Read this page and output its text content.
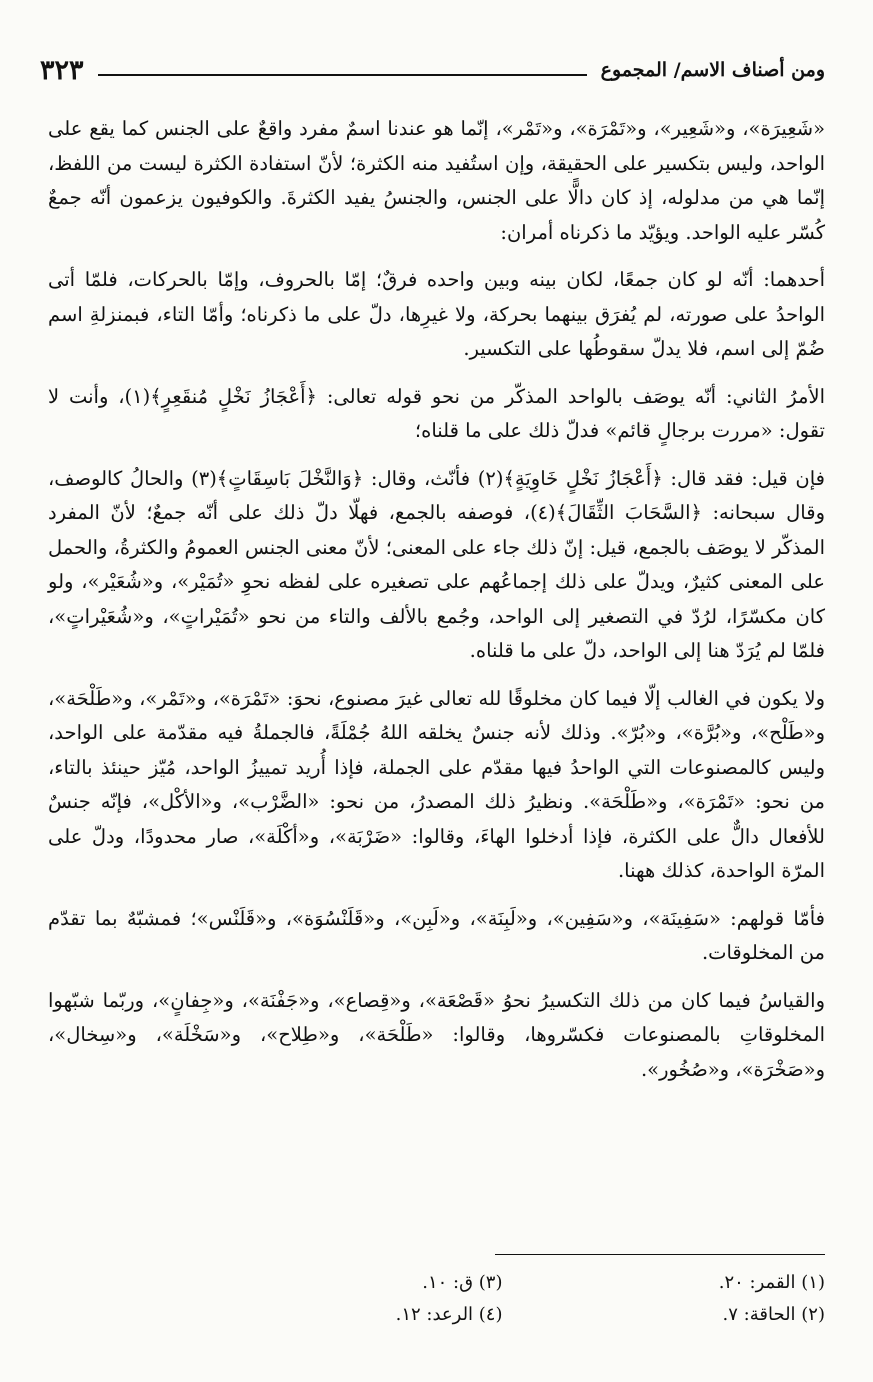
ومن أصناف الاسم/ المجموع
٣٢٣

«شَعِيرَة»، و«شَعِير»، و«تَمْرَة»، و«تَمْر»، إنّما هو عندنا اسمٌ مفرد واقعٌ على الجنس كما يقع على الواحد، وليس بتكسير على الحقيقة، وإن استُفيد منه الكثرة؛ لأنّ استفادة الكثرة ليست من اللفظ، إنّما هي من مدلوله، إذ كان دالًّا على الجنس، والجنسُ يفيد الكثرةَ. والكوفيون يزعمون أنّه جمعٌ كُسّر عليه الواحد. ويؤيّد ما ذكرناه أمران:

أحدهما: أنّه لو كان جمعًا، لكان بينه وبين واحده فرقٌ؛ إمّا بالحروف، وإمّا بالحركات، فلمّا أتى الواحدُ على صورته، لم يُفرَق بينهما بحركة، ولا غيرِها، دلّ على ما ذكرناه؛ وأمّا التاء، فبمنزلةِ اسم ضُمّ إلى اسم، فلا يدلّ سقوطُها على التكسير.

الأمرُ الثاني: أنّه يوصَف بالواحد المذكّر من نحو قوله تعالى: ﴿أَعْجَازُ نَخْلٍ مُنقَعِرٍ﴾(١)، وأنت لا تقول: «مررت برجالٍ قائم» فدلّ ذلك على ما قلناه؛

فإن قيل: فقد قال: ﴿أَعْجَازُ نَخْلٍ خَاوِيَةٍ﴾(٢) فأنّث، وقال: ﴿وَالنَّخْلَ بَاسِقَاتٍ﴾(٣) والحالُ كالوصف، وقال سبحانه: ﴿السَّحَابَ الثِّقَالَ﴾(٤)، فوصفه بالجمع، فهلّا دلّ ذلك على أنّه جمعٌ؛ لأنّ المفرد المذكّر لا يوصَف بالجمع، قيل: إنّ ذلك جاء على المعنى؛ لأنّ معنى الجنس العمومُ والكثرةُ، والحمل على المعنى كثيرٌ، ويدلّ على ذلك إجماعُهم على تصغيره على لفظه نحوِ «تُمَيْر»، و«شُعَيْر»، ولو كان مكسّرًا، لرُدّ في التصغير إلى الواحد، وجُمع بالألف والتاء من نحو «تُمَيْراتٍ»، و«شُعَيْراتٍ»، فلمّا لم يُرَدّ هنا إلى الواحد، دلّ على ما قلناه.

ولا يكون في الغالب إلّا فيما كان مخلوقًا لله تعالى غيرَ مصنوع، نحوَ: «تَمْرَة»، و«تَمْر»، و«طَلْحَة»، و«طَلْح»، و«بُرَّة»، و«بُرّ». وذلك لأنه جنسٌ يخلقه اللهُ جُمْلَةً، فالجملةُ فيه مقدّمة على الواحد، وليس كالمصنوعات التي الواحدُ فيها مقدّم على الجملة، فإذا أُريد تمييزُ الواحد، مُيّز حينئذ بالتاء، من نحو: «تَمْرَة»، و«طَلْحَة». ونظيرُ ذلك المصدرُ، من نحو: «الضَّرْب»، و«الأكْل»، فإنّه جنسٌ للأفعال دالٌّ على الكثرة، فإذا أدخلوا الهاءَ، وقالوا: «ضَرْبَة»، و«أكْلَة»، صار محدودًا، ودلّ على المرّة الواحدة، كذلك ههنا.

فأمّا قولهم: «سَفِينَة»، و«سَفِين»، و«لَبِنَة»، و«لَبِن»، و«قَلَنْسُوَة»، و«قَلَنْس»؛ فمشبّهٌ بما تقدّم من المخلوقات.

والقياسُ فيما كان من ذلك التكسيرُ نحوُ «قَصْعَة»، و«قِصاع»، و«جَفْنَة»، و«جِفانٍ»، وربّما شبّهوا المخلوقاتِ بالمصنوعات فكسّروها، وقالوا: «طَلْحَة»، و«طِلاح»، و«سَخْلَة»، و«سِخال»، و«صَخْرَة»، و«صُخُور».

(١) القمر: ٢٠.
(٣) ق: ١٠.
(٢) الحاقة: ٧.
(٤) الرعد: ١٢.
